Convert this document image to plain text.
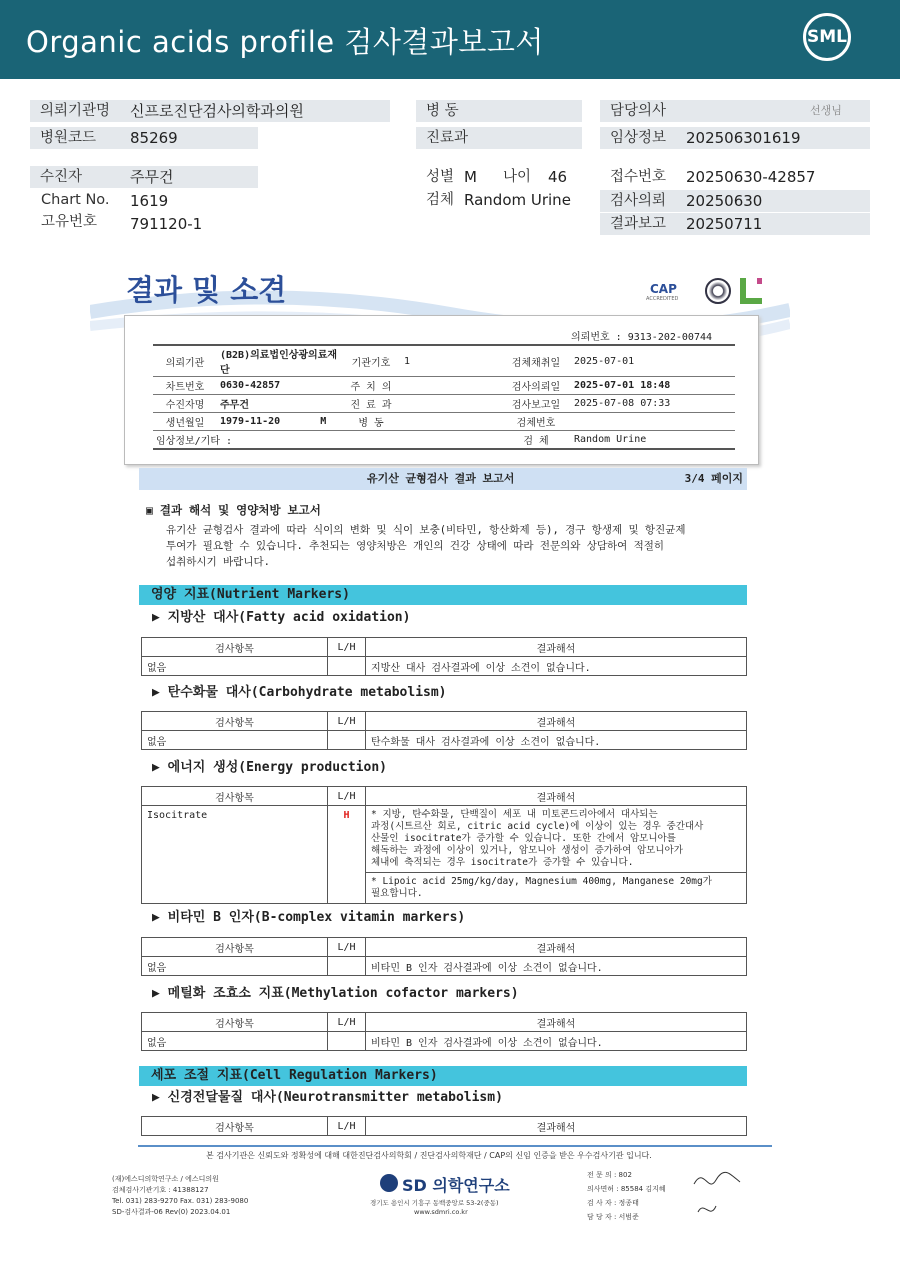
Organic acids profile 검사결과보고서	SML
의뢰기관명	신프로진단검사의학과의원
병원코드	85269
병 동
진료과
담당의사	선생님
임상정보	202506301619
수진자	주무건
Chart No. 1619
고유번호 791120-1
성별 M 나이 46
검체 Random Urine
접수번호 20250630-42857
검사의뢰	20250630
결과보고	20250711
결과 및 소견	CAP
ACCREDITED
의뢰번호 : 9313-202-00744
의뢰기관	(B2B)의료법인상광의료재단	기관기호	1	검체채취일	2025-07-01
차트번호	0630-42857	주 치 의		검사의뢰일	2025-07-01 18:48
수진자명	주무건	진 료 과		검사보고일	2025-07-08 07:33
생년월일	1979-11-20 M	병 동		검체번호	
임상정보/기타 :				검 체	Random Urine
유기산 균형검사 결과 보고서	3/4 페이지
▣ 결과 해석 및 영양처방 보고서
유기산 균형검사 결과에 따라 식이의 변화 및 식이 보충(비타민, 항산화제 등), 경구 항생제 및 항진균제
투여가 필요할 수 있습니다. 추천되는 영양처방은 개인의 건강 상태에 따라 전문의와 상담하여 적절히
섭취하시기 바랍니다.
영양 지표(Nutrient Markers)
▶ 지방산 대사(Fatty acid oxidation)
검사항목	L/H	결과해석
없음		지방산 대사 검사결과에 이상 소견이 없습니다.
▶ 탄수화물 대사(Carbohydrate metabolism)
검사항목	L/H	결과해석
없음		탄수화물 대사 검사결과에 이상 소견이 없습니다.
▶ 에너지 생성(Energy production)
검사항목	L/H	결과해석
Isocitrate	H	* 지방, 탄수화물, 단백질이 세포 내 미토콘드리아에서 대사되는
과정(시트르산 회로, citric acid cycle)에 이상이 있는 경우 중간대사
산물인 isocitrate가 증가할 수 있습니다. 또한 간에서 암모니아를
해독하는 과정에 이상이 있거나, 암모니아 생성이 증가하여 암모니아가
체내에 축적되는 경우 isocitrate가 증가할 수 있습니다.

		* Lipoic acid 25mg/kg/day, Magnesium 400mg, Manganese 20mg가
필요합니다.
▶ 비타민 B 인자(B-complex vitamin markers)
검사항목	L/H	결과해석
없음		비타민 B 인자 검사결과에 이상 소견이 없습니다.
▶ 메틸화 조효소 지표(Methylation cofactor markers)
검사항목	L/H	결과해석
없음		비타민 B 인자 검사결과에 이상 소견이 없습니다.
세포 조절 지표(Cell Regulation Markers)
▶ 신경전달물질 대사(Neurotransmitter metabolism)
검사항목	L/H	결과해석
본 검사기관은 신뢰도와 정확성에 대해 대한진단검사의학회 / 진단검사의학재단 / CAP의 신임 인증을 받은 우수검사기관 입니다.
(재)에스디의학연구소 / 에스디의원
검체검사기관기호 : 41388127
Tel. 031) 283-9270 Fax. 031) 283-9080
SD-검사결과-06 Rev(0) 2023.04.01
SD 의학연구소
경기도 용인시 기흥구 동백중앙로 53-2(중동)
www.sdmri.co.kr
전 문 의 : 802
의사면허 : 85584 김지혜
검 사 자 : 정종태
담 당 자 : 서범준
